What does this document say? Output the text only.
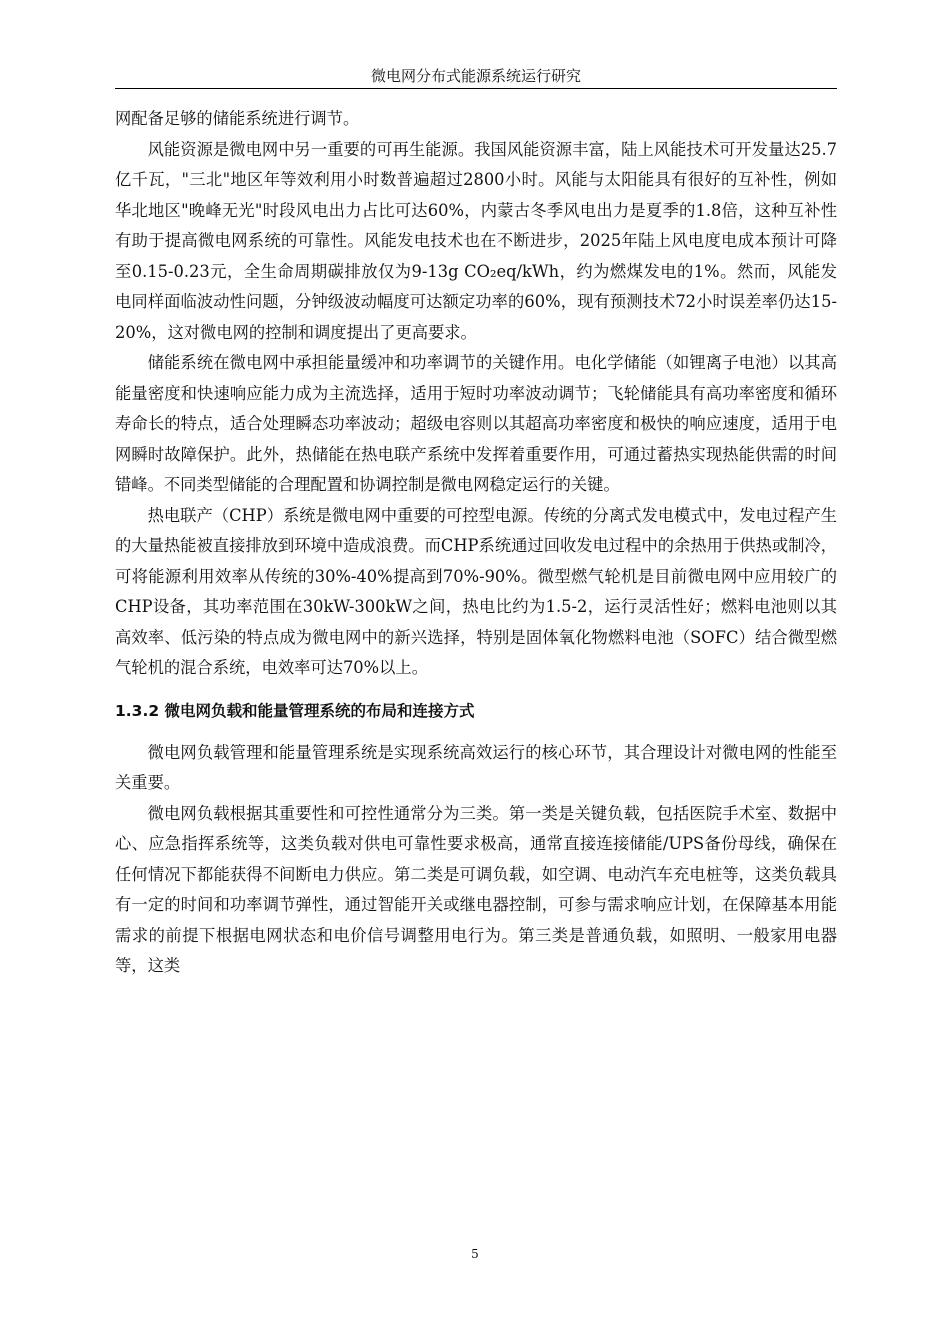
微电网分布式能源系统运行研究

网配备足够的储能系统进行调节。

风能资源是微电网中另一重要的可再生能源。我国风能资源丰富，陆上风能技术可开发量达25.7亿千瓦，"三北"地区年等效利用小时数普遍超过2800小时。风能与太阳能具有很好的互补性，例如华北地区"晚峰无光"时段风电出力占比可达60%，内蒙古冬季风电出力是夏季的1.8倍，这种互补性有助于提高微电网系统的可靠性。风能发电技术也在不断进步，2025年陆上风电度电成本预计可降至0.15-0.23元，全生命周期碳排放仅为9-13g CO₂eq/kWh，约为燃煤发电的1%。然而，风能发电同样面临波动性问题，分钟级波动幅度可达额定功率的60%，现有预测技术72小时误差率仍达15-20%，这对微电网的控制和调度提出了更高要求。

储能系统在微电网中承担能量缓冲和功率调节的关键作用。电化学储能（如锂离子电池）以其高能量密度和快速响应能力成为主流选择，适用于短时功率波动调节；飞轮储能具有高功率密度和循环寿命长的特点，适合处理瞬态功率波动；超级电容则以其超高功率密度和极快的响应速度，适用于电网瞬时故障保护。此外，热储能在热电联产系统中发挥着重要作用，可通过蓄热实现热能供需的时间错峰。不同类型储能的合理配置和协调控制是微电网稳定运行的关键。

热电联产（CHP）系统是微电网中重要的可控型电源。传统的分离式发电模式中，发电过程产生的大量热能被直接排放到环境中造成浪费。而CHP系统通过回收发电过程中的余热用于供热或制冷，可将能源利用效率从传统的30%-40%提高到70%-90%。微型燃气轮机是目前微电网中应用较广的CHP设备，其功率范围在30kW-300kW之间，热电比约为1.5-2，运行灵活性好；燃料电池则以其高效率、低污染的特点成为微电网中的新兴选择，特别是固体氧化物燃料电池（SOFC）结合微型燃气轮机的混合系统，电效率可达70%以上。

1.3.2 微电网负载和能量管理系统的布局和连接方式

微电网负载管理和能量管理系统是实现系统高效运行的核心环节，其合理设计对微电网的性能至关重要。

微电网负载根据其重要性和可控性通常分为三类。第一类是关键负载，包括医院手术室、数据中心、应急指挥系统等，这类负载对供电可靠性要求极高，通常直接连接储能/UPS备份母线，确保在任何情况下都能获得不间断电力供应。第二类是可调负载，如空调、电动汽车充电桩等，这类负载具有一定的时间和功率调节弹性，通过智能开关或继电器控制，可参与需求响应计划，在保障基本用能需求的前提下根据电网状态和电价信号调整用电行为。第三类是普通负载，如照明、一般家用电器等，这类

5
